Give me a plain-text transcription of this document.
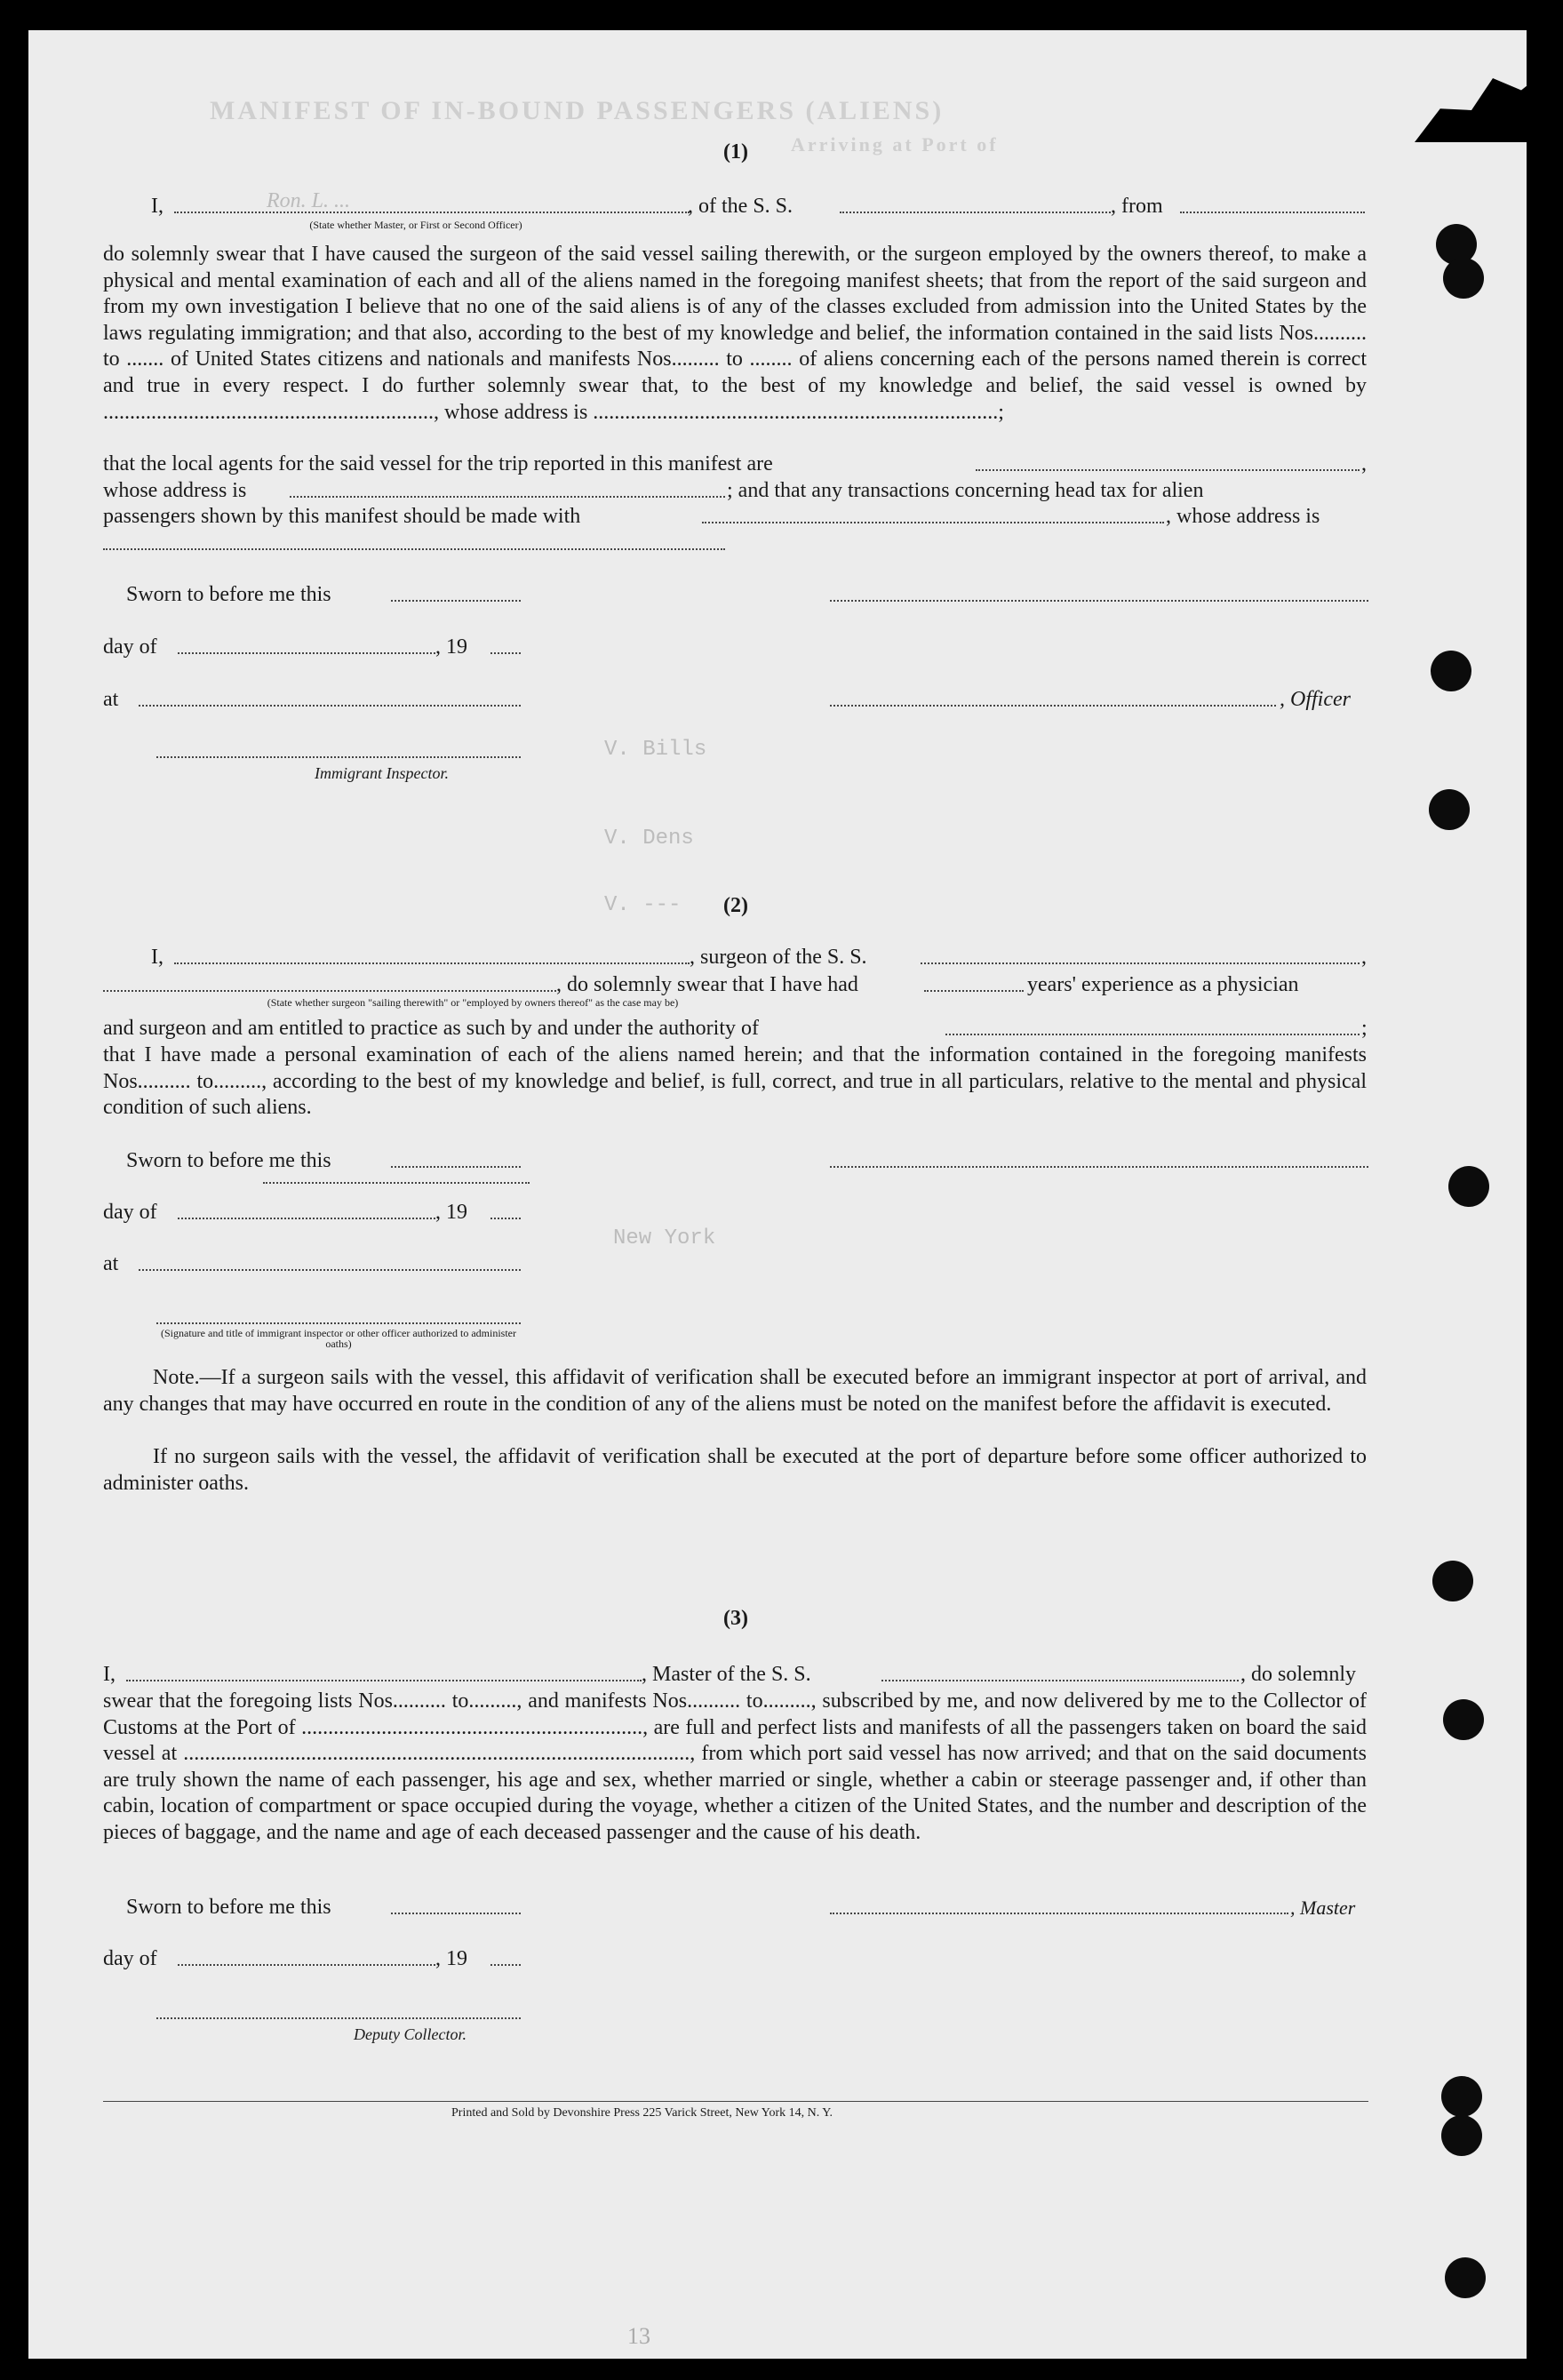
MANIFEST OF IN-BOUND PASSENGERS (ALIENS)
Arriving at Port of
New York
V. Bills
V. Dens
V. ---
(1)
I,	Ron. L. ...	, of the S. S.	, from
(State whether Master, or First or Second Officer)
do solemnly swear that I have caused the surgeon of the said vessel sailing therewith, or the surgeon employed by the owners thereof, to make a physical and mental examination of each and all of the aliens named in the foregoing manifest sheets; that from the report of the said surgeon and from my own investigation I believe that no one of the said aliens is of any of the classes excluded from admission into the United States by the laws regulating immigration; and that also, according to the best of my knowledge and belief, the information contained in the said lists Nos.......... to ....... of United States citizens and nationals and manifests Nos......... to ........ of aliens concerning each of the persons named therein is correct and true in every respect. I do further solemnly swear that, to the best of my knowledge and belief, the said vessel is owned by .............................................................., whose address is ............................................................................;
that the local agents for the said vessel for the trip reported in this manifest are	,
whose address is	; and that any transactions concerning head tax for alien
passengers shown by this manifest should be made with	, whose address is
Sworn to before me this
day of	, 19
at	, Officer
Immigrant Inspector.
(2)
I,	, surgeon of the S. S.	,
, do solemnly swear that I have had	years' experience as a physician
(State whether surgeon "sailing therewith" or "employed by owners thereof" as the case may be)
and surgeon and am entitled to practice as such by and under the authority of	;
that I have made a personal examination of each of the aliens named herein; and that the information contained in the foregoing manifests Nos.......... to........., according to the best of my knowledge and belief, is full, correct, and true in all particulars, relative to the mental and physical condition of such aliens.
Sworn to before me this
day of	, 19
at
(Signature and title of immigrant inspector or other officer authorized to administer oaths)
Note.—If a surgeon sails with the vessel, this affidavit of verification shall be executed before an immigrant inspector at port of arrival, and any changes that may have occurred en route in the condition of any of the aliens must be noted on the manifest before the affidavit is executed.
If no surgeon sails with the vessel, the affidavit of verification shall be executed at the port of departure before some officer authorized to administer oaths.
(3)
I,	, Master of the S. S.	, do solemnly
swear that the foregoing lists Nos.......... to........., and manifests Nos.......... to........., subscribed by me, and now delivered by me to the Collector of Customs at the Port of ................................................................, are full and perfect lists and manifests of all the passengers taken on board the said vessel at ..............................................................................................., from which port said vessel has now arrived; and that on the said documents are truly shown the name of each passenger, his age and sex, whether married or single, whether a cabin or steerage passenger and, if other than cabin, location of compartment or space occupied during the voyage, whether a citizen of the United States, and the number and description of the pieces of baggage, and the name and age of each deceased passenger and the cause of his death.
Sworn to before me this	, Master
day of	, 19
Deputy Collector.
Printed and Sold by Devonshire Press 225 Varick Street, New York 14, N. Y.
13
